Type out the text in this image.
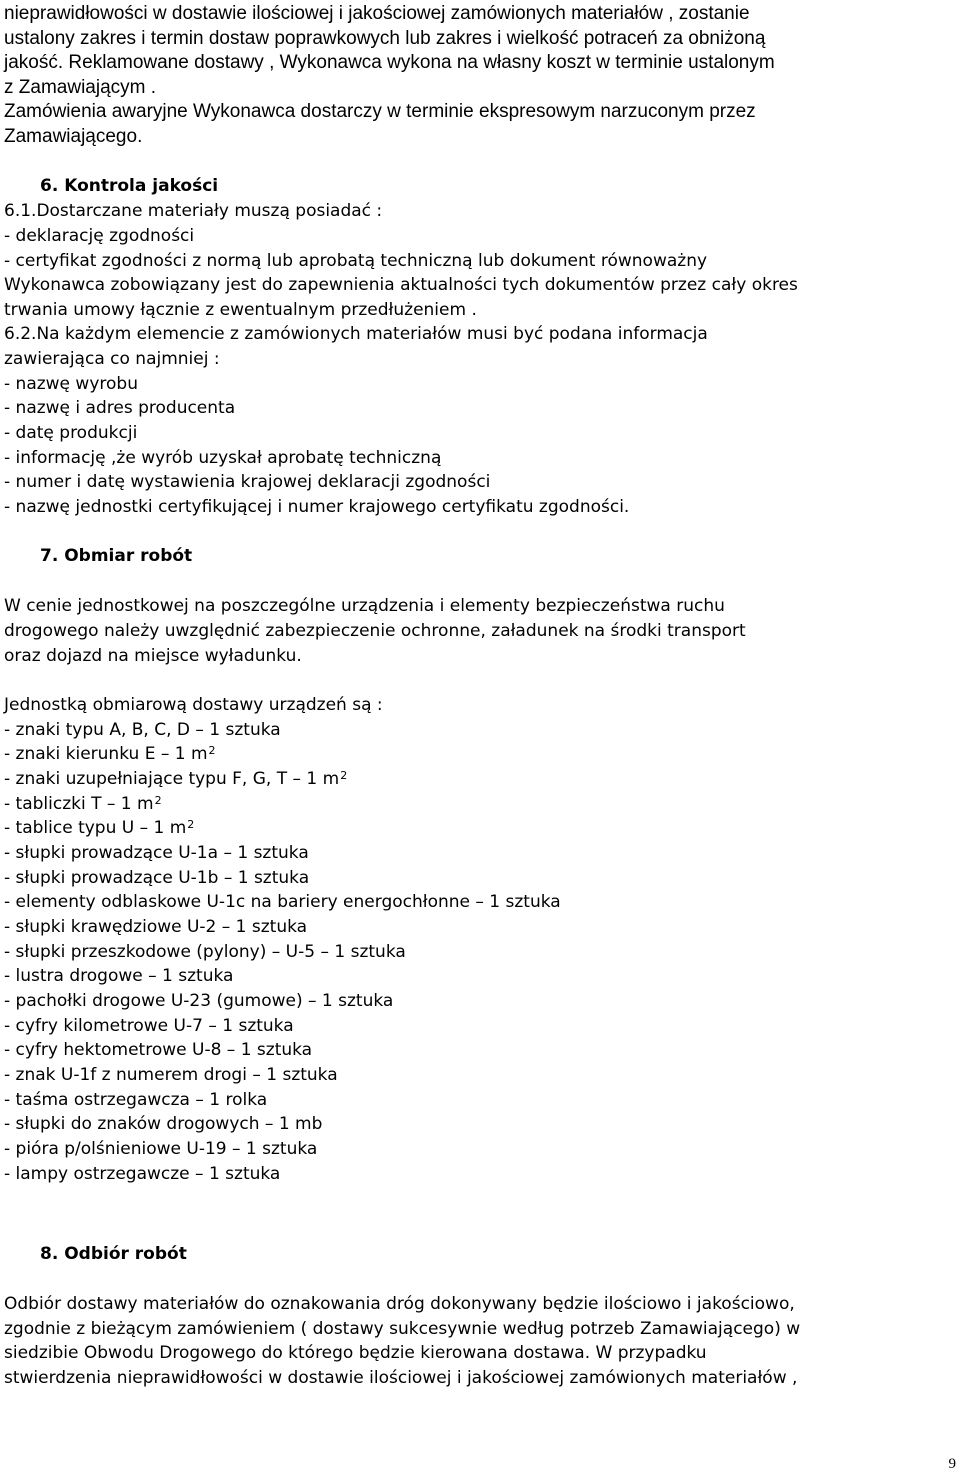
nieprawidłowości w dostawie ilościowej i jakościowej zamówionych materiałów , zostanie

ustalony zakres i termin dostaw poprawkowych lub zakres i wielkość potraceń za obniżoną

jakość. Reklamowane dostawy , Wykonawca wykona na własny koszt w terminie ustalonym

z Zamawiającym .

Zamówienia awaryjne Wykonawca dostarczy w terminie ekspresowym narzuconym przez

Zamawiającego.

6. Kontrola jakości
6.1.Dostarczane materiały muszą posiadać :
- deklarację zgodności
- certyfikat zgodności z normą lub aprobatą techniczną lub dokument równoważny
Wykonawca zobowiązany jest do zapewnienia aktualności tych dokumentów przez cały okres
trwania umowy łącznie z ewentualnym przedłużeniem .
6.2.Na każdym elemencie z zamówionych materiałów musi być podana informacja
zawierająca co najmniej :
- nazwę wyrobu
- nazwę i adres producenta
- datę produkcji
- informację ,że wyrób uzyskał aprobatę techniczną
- numer i datę wystawienia krajowej deklaracji zgodności
- nazwę jednostki certyfikującej i numer krajowego certyfikatu zgodności.
7. Obmiar robót
W cenie jednostkowej na poszczególne urządzenia i elementy bezpieczeństwa ruchu
drogowego należy uwzględnić zabezpieczenie ochronne, załadunek na środki transport
oraz dojazd na miejsce wyładunku.
Jednostką obmiarową dostawy urządzeń są :
- znaki typu A, B, C, D – 1 sztuka
- znaki kierunku E – 1 $m^2$
- znaki uzupełniające typu F, G, T – 1 $m^2$
- tabliczki T – 1 $m^2$
- tablice typu U – 1 $m^2$
- słupki prowadzące U-1a – 1 sztuka
- słupki prowadzące U-1b – 1 sztuka
- elementy odblaskowe U-1c na bariery energochłonne – 1 sztuka
- słupki krawędziowe U-2 – 1 sztuka
- słupki przeszkodowe (pylony) – U-5 – 1 sztuka
- lustra drogowe – 1 sztuka
- pachołki drogowe U-23 (gumowe) – 1 sztuka
- cyfry kilometrowe U-7 – 1 sztuka
- cyfry hektometrowe U-8 – 1 sztuka
- znak U-1f z numerem drogi – 1 sztuka
- taśma ostrzegawcza – 1 rolka
- słupki do znaków drogowych – 1 mb
- pióra p/olśnieniowe U-19 – 1 sztuka
- lampy ostrzegawcze – 1 sztuka
8. Odbiór robót
Odbiór dostawy materiałów do oznakowania dróg dokonywany będzie ilościowo i jakościowo,
zgodnie z bieżącym zamówieniem ( dostawy sukcesywnie według potrzeb Zamawiającego) w
siedzibie Obwodu Drogowego do którego będzie kierowana dostawa. W przypadku
stwierdzenia nieprawidłowości w dostawie ilościowej i jakościowej zamówionych materiałów ,
9
